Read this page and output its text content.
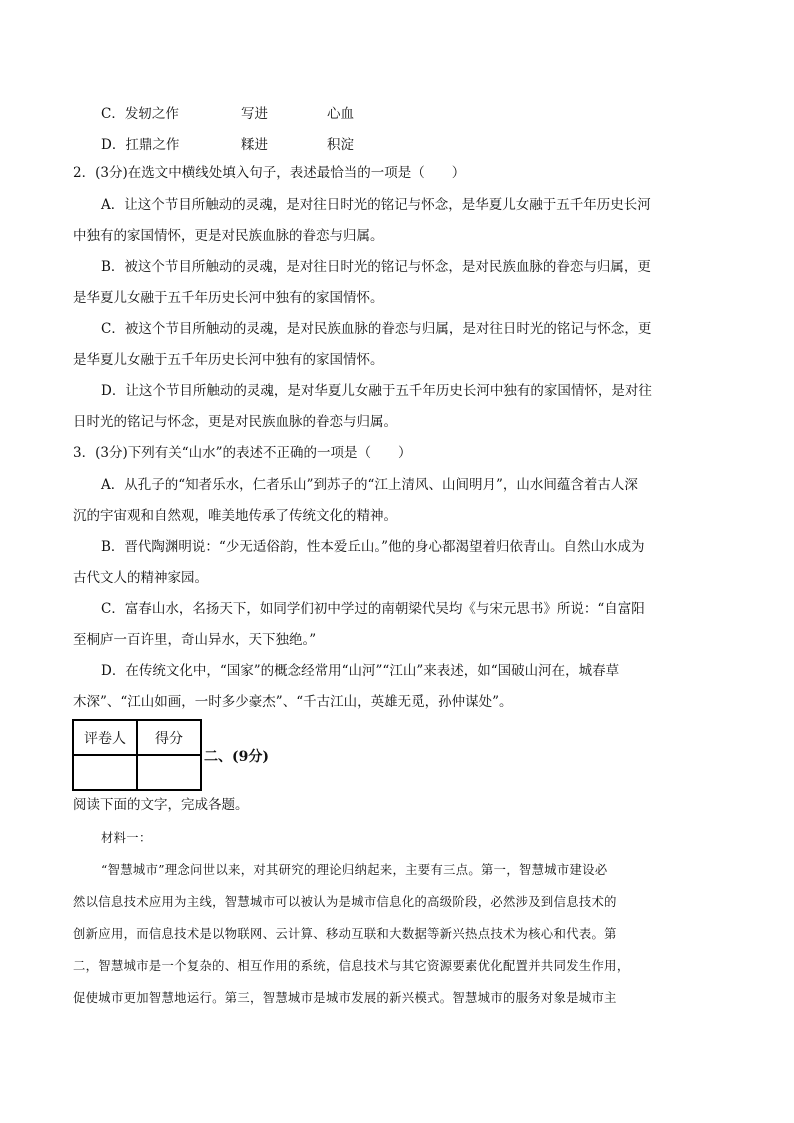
C．发轫之作	写进	心血
D．扛鼎之作	糅进	积淀
2．(3分)在选文中横线处填入句子，表述最恰当的一项是（　　）
A．让这个节目所触动的灵魂，是对往日时光的铭记与怀念，是华夏儿女融于五千年历史长河
中独有的家国情怀，更是对民族血脉的眷恋与归属。
B．被这个节目所触动的灵魂，是对往日时光的铭记与怀念，是对民族血脉的眷恋与归属，更
是华夏儿女融于五千年历史长河中独有的家国情怀。
C．被这个节目所触动的灵魂，是对民族血脉的眷恋与归属，是对往日时光的铭记与怀念，更
是华夏儿女融于五千年历史长河中独有的家国情怀。
D．让这个节目所触动的灵魂，是对华夏儿女融于五千年历史长河中独有的家国情怀，是对往
日时光的铭记与怀念，更是对民族血脉的眷恋与归属。
3．(3分)下列有关“山水”的表述不正确的一项是（　　）
A．从孔子的“知者乐水，仁者乐山”到苏子的“江上清风、山间明月”，山水间蕴含着古人深
沉的宇宙观和自然观，唯美地传承了传统文化的精神。
B．晋代陶渊明说：“少无适俗韵，性本爱丘山。”他的身心都渴望着归依青山。自然山水成为
古代文人的精神家园。
C．富春山水，名扬天下，如同学们初中学过的南朝梁代吴均《与宋元思书》所说：“自富阳
至桐庐一百许里，奇山异水，天下独绝。”
D．在传统文化中，“国家”的概念经常用“山河”“江山”来表述，如“国破山河在，城春草
木深”、“江山如画，一时多少豪杰”、“千古江山，英雄无觅，孙仲谋处”。
评卷人	得分

二、(9分)
阅读下面的文字，完成各题。
材料一：
“智慧城市”理念问世以来，对其研究的理论归纳起来，主要有三点。第一，智慧城市建设必
然以信息技术应用为主线，智慧城市可以被认为是城市信息化的高级阶段，必然涉及到信息技术的
创新应用，而信息技术是以物联网、云计算、移动互联和大数据等新兴热点技术为核心和代表。第
二，智慧城市是一个复杂的、相互作用的系统，信息技术与其它资源要素优化配置并共同发生作用，
促使城市更加智慧地运行。第三，智慧城市是城市发展的新兴模式。智慧城市的服务对象是城市主
